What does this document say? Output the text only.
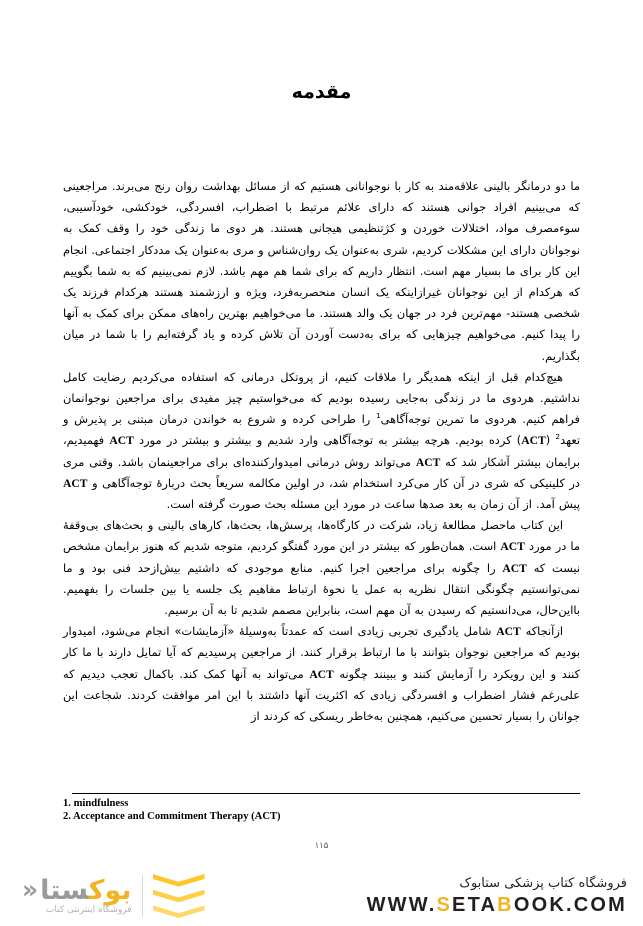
مقدمه

ما دو درمانگر بالینی علاقه‌مند به کار با نوجوانانی هستیم که از مسائل بهداشت روان رنج می‌برند. مراجعینی که می‌بینیم افراد جوانی هستند که دارای علائم مرتبط با اضطراب، افسردگی، خودکشی، خودآسیبی، سوءمصرف مواد، اختلالات خوردن و کژتنظیمی هیجانی هستند. هر دوی ما زندگی خود را وقف کمک به نوجوانان دارای این مشکلات کردیم، شری به‌عنوان یک روان‌شناس و مری به‌عنوان یک مددکار اجتماعی. انجام این کار برای ما بسیار مهم است. انتظار داریم که برای شما هم مهم باشد. لازم نمی‌بینیم که به شما بگوییم که هرکدام از این نوجوانان غیرازاینکه یک انسان منحصربه‌فرد، ویژه و ارزشمند هستند هرکدام فرزند یک شخصی هستند- مهم‌ترین فرد در جهان یک والد هستند. ما می‌خواهیم بهترین راه‌های ممکن برای کمک به آنها را پیدا کنیم. می‌خواهیم چیزهایی که برای به‌دست آوردن آن تلاش کرده و یاد گرفته‌ایم را با شما در میان بگذاریم.

هیچ‌کدام قبل از اینکه همدیگر را ملاقات کنیم، از پروتکل درمانی که استفاده می‌کردیم رضایت کامل نداشتیم. هردوی ما در زندگی به‌جایی رسیده بودیم که می‌خواستیم چیز مفیدی برای مراجعین نوجوانمان فراهم کنیم. هردوی ما تمرین توجه‌آگاهی$^1$ را طراحی کرده و شروع به خواندن درمان مبتنی بر پذیرش و تعهد$^2$ (ACT) کرده بودیم. هرچه بیشتر به توجه‌آگاهی وارد شدیم و بیشتر و بیشتر در مورد ACT فهمیدیم، برایمان بیشتر آشکار شد که ACT می‌تواند روش درمانی امیدوارکننده‌ای برای مراجعینمان باشد. وقتی مری در کلینیکی که شری در آن کار می‌کرد استخدام شد، در اولین مکالمه سریعاً بحث دربارهٔ توجه‌آگاهی و ACT پیش آمد. از آن زمان به بعد صدها ساعت در مورد این مسئله بحث صورت گرفته است.

این کتاب ماحصل مطالعهٔ زیاد، شرکت در کارگاه‌ها، پرسش‌ها، بحث‌ها، کارهای بالینی و بحث‌های بی‌وقفهٔ ما در مورد ACT است. همان‌طور که بیشتر در این مورد گفتگو کردیم، متوجه شدیم که هنوز برایمان مشخص نیست که ACT را چگونه برای مراجعین اجرا کنیم. منابع موجودی که داشتیم بیش‌ازحد فنی بود و ما نمی‌توانستیم چگونگی انتقال نظریه به عمل یا نحوهٔ ارتباط مفاهیم یک جلسه یا بین جلسات را بفهمیم. بااین‌حال، می‌دانستیم که رسیدن به آن مهم است، بنابراین مصمم شدیم تا به آن برسیم.

ازآنجاکه ACT شامل یادگیری تجربی زیادی است که عمدتاً به‌وسیلهٔ «آزمایشات» انجام می‌شود، امیدوار بودیم که مراجعین نوجوان بتوانند با ما ارتباط برقرار کنند. از مراجعین پرسیدیم که آیا تمایل دارند با ما کار کنند و این رویکرد را آزمایش کنند و ببینند چگونه ACT می‌تواند به آنها کمک کند. باکمال تعجب دیدیم که علی‌رغم فشار اضطراب و افسردگی زیادی که اکثریت آنها داشتند با این امر موافقت کردند. شجاعت این جوانان را بسیار تحسین می‌کنیم، همچنین به‌خاطر ریسکی که کردند از

1. mindfulness
2. Acceptance and Commitment Therapy (ACT)
۱۱۵
بوکستا
«
فروشگاه اینترنتی کتاب
فروشگاه کتاب پزشکی ستابوک
WWW.SETABOOK.COM
